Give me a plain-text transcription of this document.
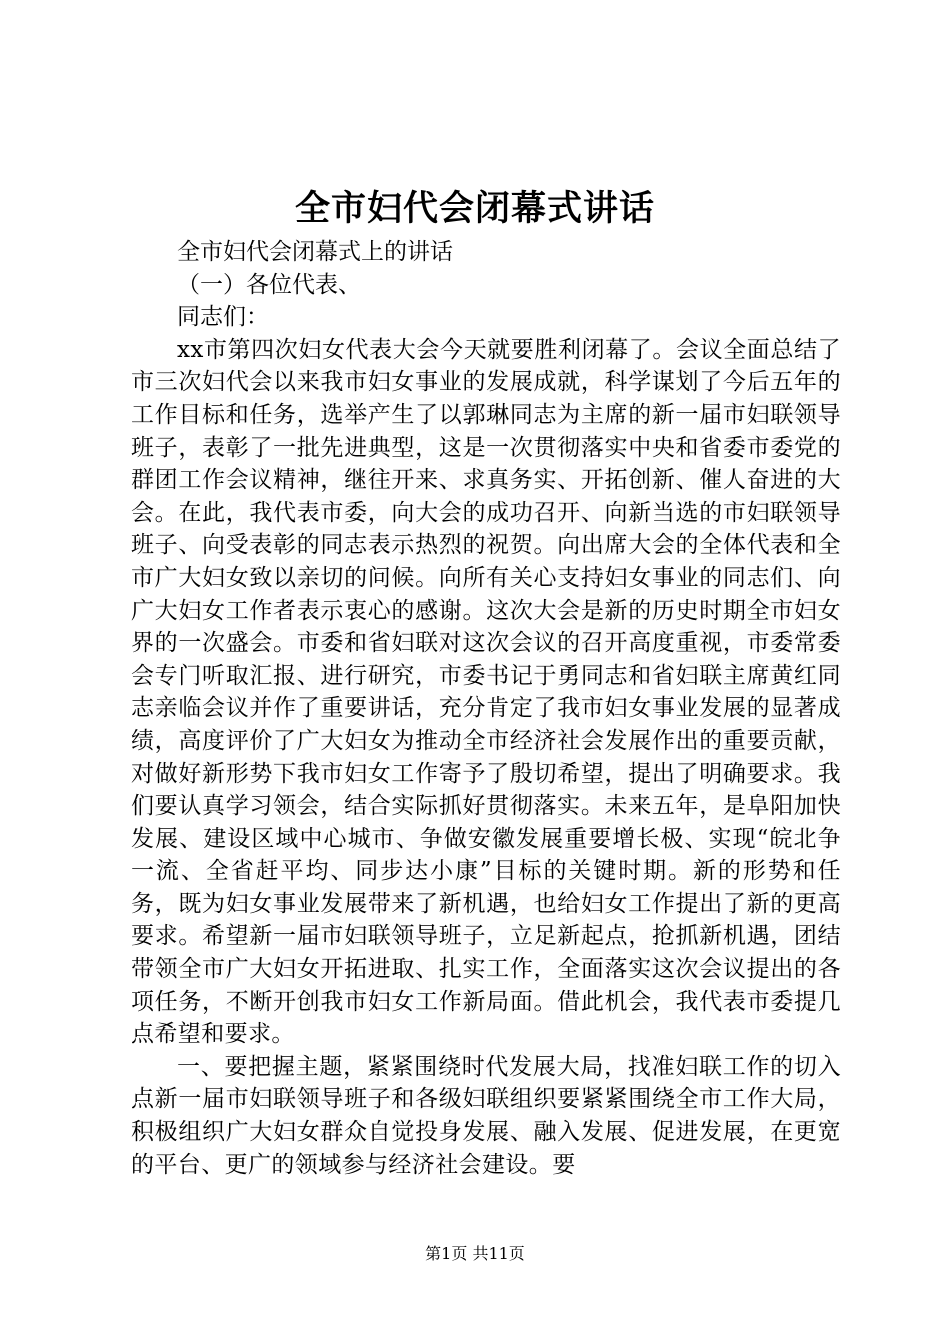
全市妇代会闭幕式讲话

全市妇代会闭幕式上的讲话

（一）各位代表、

同志们：

xx市第四次妇女代表大会今天就要胜利闭幕了。会议全面总结了市三次妇代会以来我市妇女事业的发展成就，科学谋划了今后五年的工作目标和任务，选举产生了以郭琳同志为主席的新一届市妇联领导班子，表彰了一批先进典型，这是一次贯彻落实中央和省委市委党的群团工作会议精神，继往开来、求真务实、开拓创新、催人奋进的大会。在此，我代表市委，向大会的成功召开、向新当选的市妇联领导班子、向受表彰的同志表示热烈的祝贺。向出席大会的全体代表和全市广大妇女致以亲切的问候。向所有关心支持妇女事业的同志们、向广大妇女工作者表示衷心的感谢。这次大会是新的历史时期全市妇女界的一次盛会。市委和省妇联对这次会议的召开高度重视，市委常委会专门听取汇报、进行研究，市委书记于勇同志和省妇联主席黄红同志亲临会议并作了重要讲话，充分肯定了我市妇女事业发展的显著成绩，高度评价了广大妇女为推动全市经济社会发展作出的重要贡献，对做好新形势下我市妇女工作寄予了殷切希望，提出了明确要求。我们要认真学习领会，结合实际抓好贯彻落实。未来五年，是阜阳加快发展、建设区域中心城市、争做安徽发展重要增长极、实现“皖北争一流、全省赶平均、同步达小康”目标的关键时期。新的形势和任务，既为妇女事业发展带来了新机遇，也给妇女工作提出了新的更高要求。希望新一届市妇联领导班子，立足新起点，抢抓新机遇，团结带领全市广大妇女开拓进取、扎实工作，全面落实这次会议提出的各项任务，不断开创我市妇女工作新局面。借此机会，我代表市委提几点希望和要求。

一、要把握主题，紧紧围绕时代发展大局，找准妇联工作的切入点新一届市妇联领导班子和各级妇联组织要紧紧围绕全市工作大局，积极组织广大妇女群众自觉投身发展、融入发展、促进发展，在更宽的平台、更广的领域参与经济社会建设。要

第1页 共11页
